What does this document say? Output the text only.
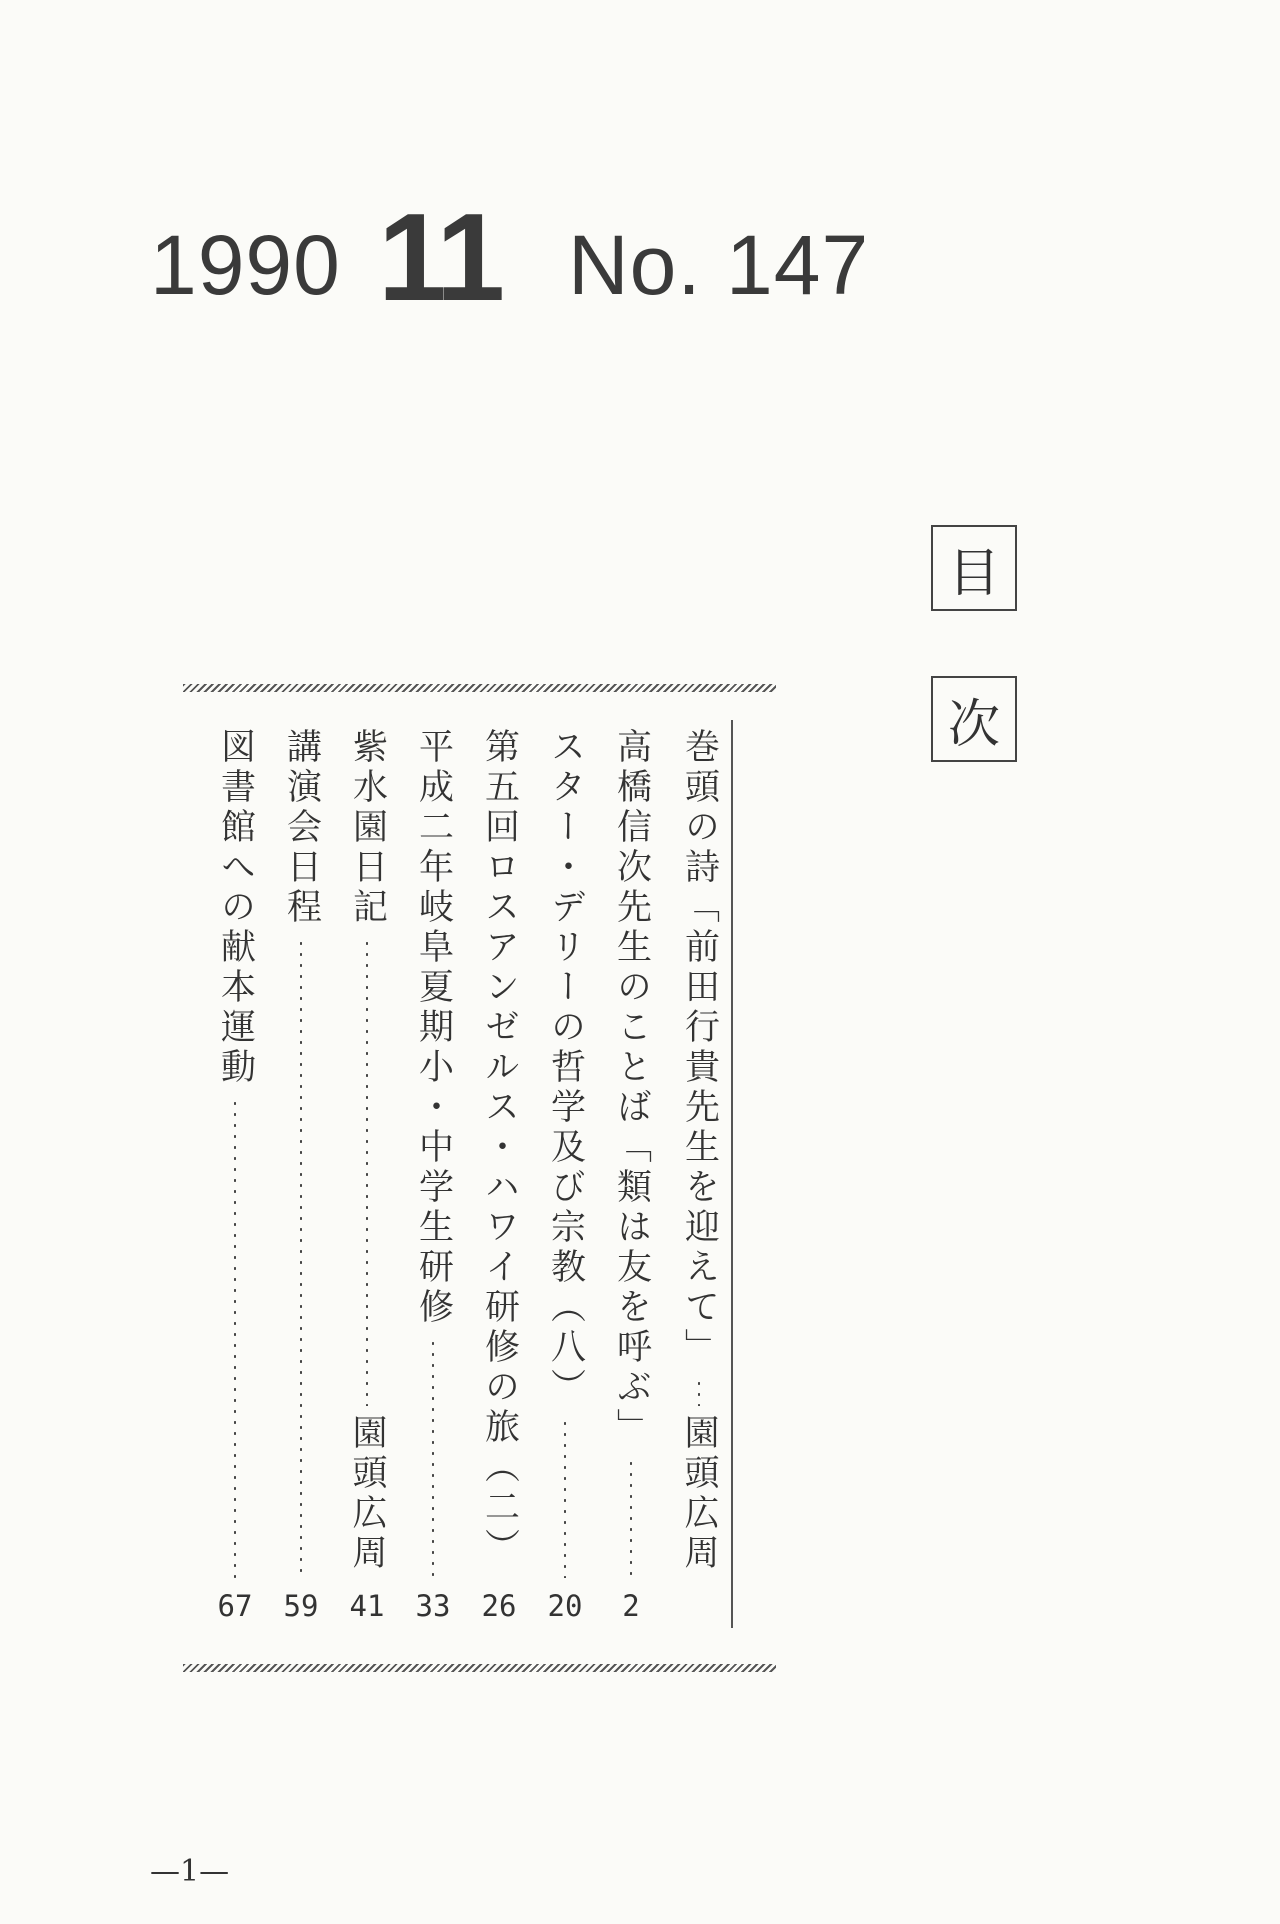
1990 11 No. 147
目
次
巻頭の詩「前田行貴先生を迎えて」
園頭広周
高橋信次先生のことば「類は友を呼ぶ」
2
スター・デリーの哲学及び宗教（八）
20
第五回ロスアンゼルス・ハワイ研修の旅（二）
26
平成二年岐阜夏期小・中学生研修
33
紫水園日記
園頭広周
41
講演会日程
59
図書館への献本運動
67
—1—
